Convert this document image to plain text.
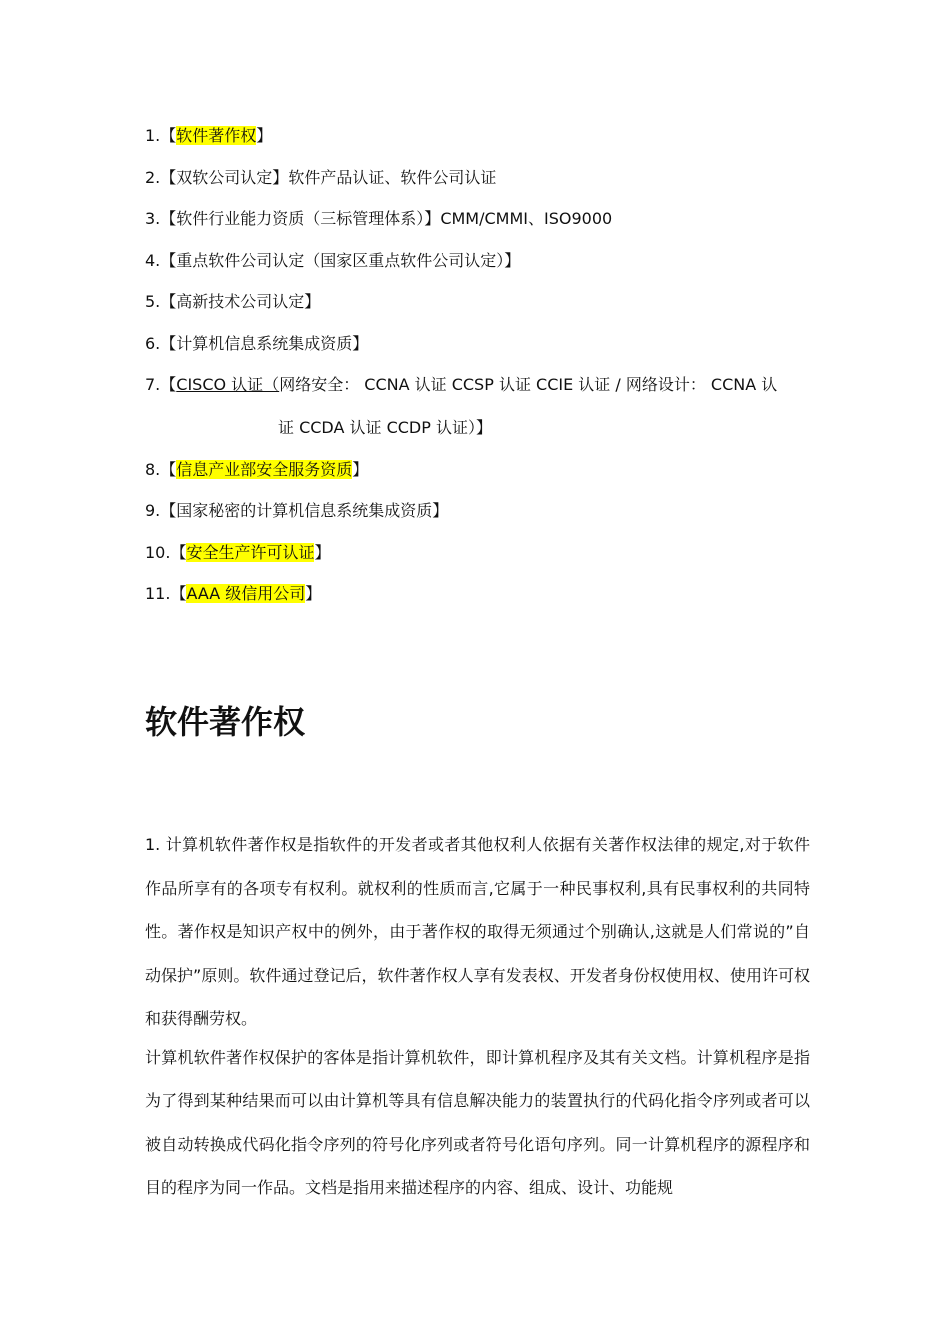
1.【软件著作权】
2.【双软公司认定】软件产品认证、软件公司认证
3.【软件行业能力资质（三标管理体系）】CMM/CMMI、ISO9000
4.【重点软件公司认定（国家区重点软件公司认定）】
5.【高新技术公司认定】
6.【计算机信息系统集成资质】
7.【CISCO 认证（网络安全： CCNA 认证 CCSP 认证 CCIE 认证 / 网络设计： CCNA 认
证 CCDA 认证 CCDP 认证）】
8.【信息产业部安全服务资质】
9.【国家秘密的计算机信息系统集成资质】
10.【安全生产许可认证】
11.【AAA 级信用公司】
软件著作权

1. 计算机软件著作权是指软件的开发者或者其他权利人依据有关著作权法律的规定,对于软件作品所享有的各项专有权利。就权利的性质而言,它属于一种民事权利,具有民事权利的共同特性。著作权是知识产权中的例外，由于著作权的取得无须通过个别确认,这就是人们常说的”自动保护”原则。软件通过登记后，软件著作权人享有发表权、开发者身份权使用权、使用许可权和获得酬劳权。

计算机软件著作权保护的客体是指计算机软件，即计算机程序及其有关文档。计算机程序是指为了得到某种结果而可以由计算机等具有信息解决能力的装置执行的代码化指令序列或者可以被自动转换成代码化指令序列的符号化序列或者符号化语句序列。同一计算机程序的源程序和目的程序为同一作品。文档是指用来描述程序的内容、组成、设计、功能规
